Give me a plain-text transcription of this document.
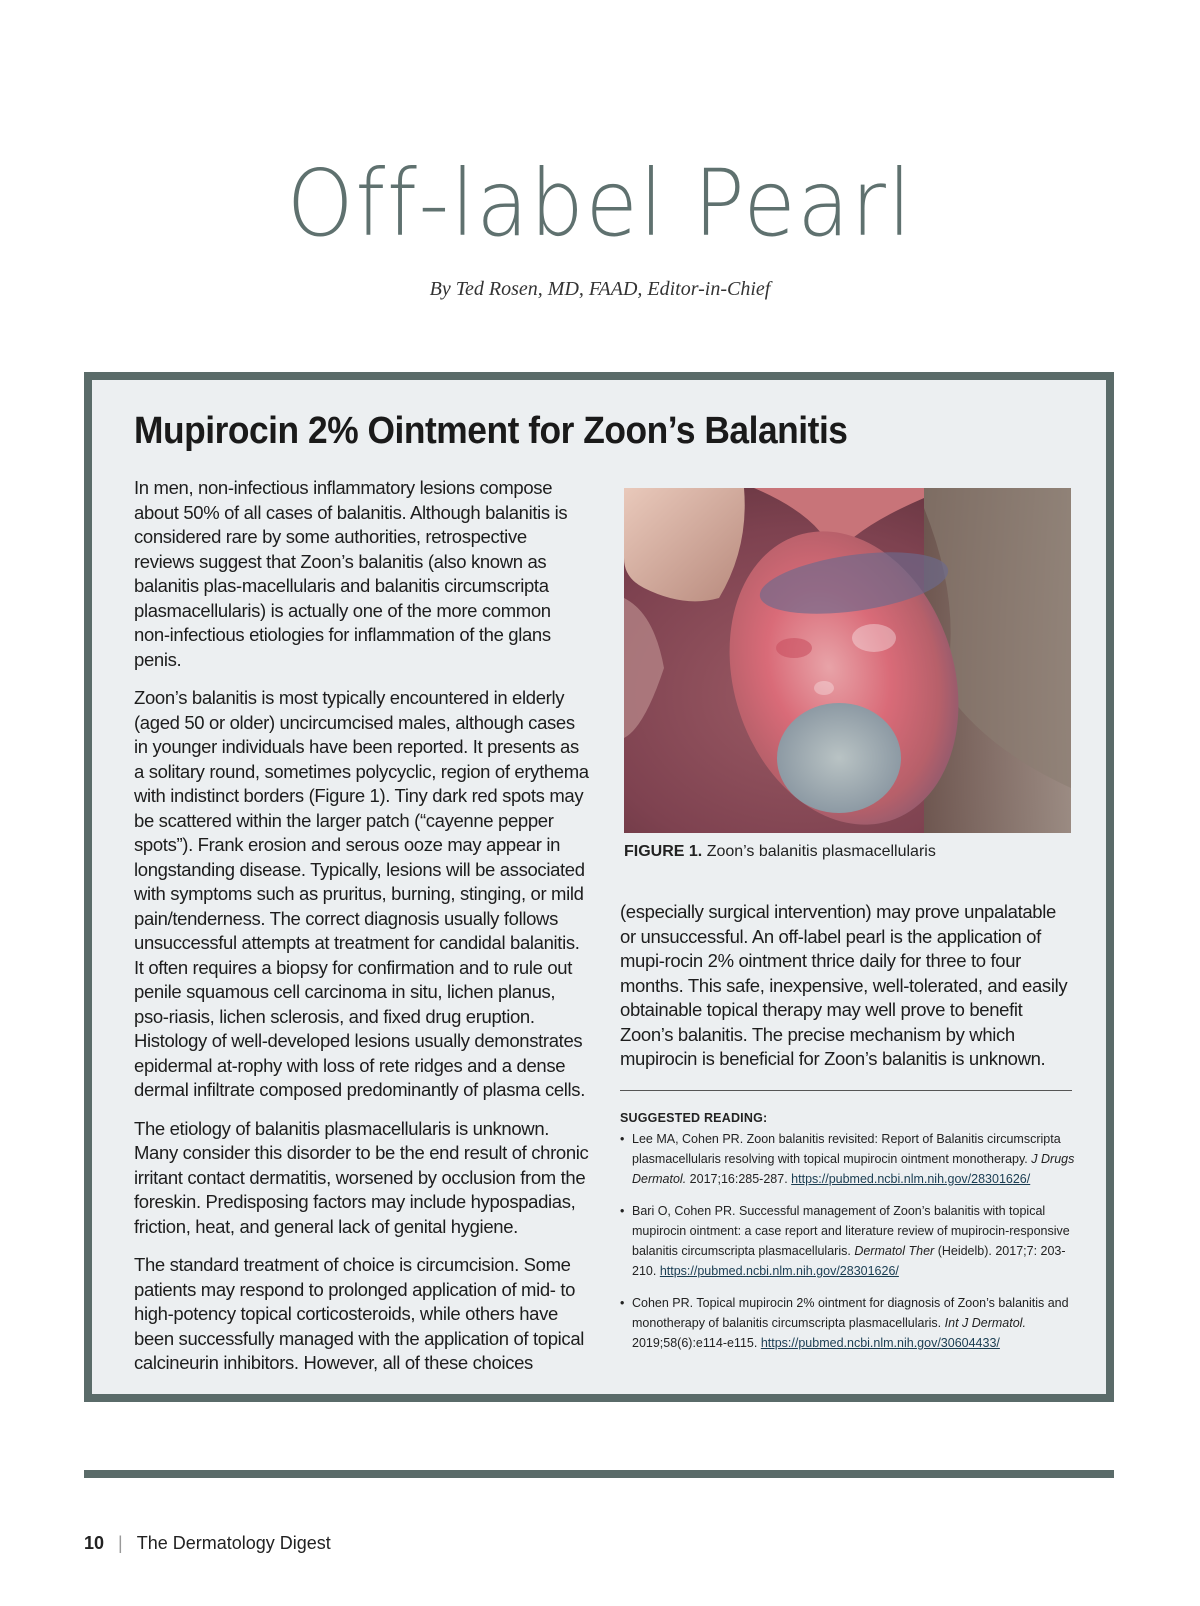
Off-label Pearl
By Ted Rosen, MD, FAAD, Editor-in-Chief
Mupirocin 2% Ointment for Zoon’s Balanitis

In men, non-infectious inflammatory lesions compose about 50% of all cases of balanitis. Although balanitis is considered rare by some authorities, retrospective reviews suggest that Zoon’s balanitis (also known as balanitis plas-macellularis and balanitis circumscripta plasmacellularis) is actually one of the more common non-infectious etiologies for inflammation of the glans penis.

Zoon’s balanitis is most typically encountered in elderly (aged 50 or older) uncircumcised males, although cases in younger individuals have been reported. It presents as a solitary round, sometimes polycyclic, region of erythema with indistinct borders (Figure 1). Tiny dark red spots may be scattered within the larger patch (“cayenne pepper spots”). Frank erosion and serous ooze may appear in longstanding disease. Typically, lesions will be associated with symptoms such as pruritus, burning, stinging, or mild pain/tenderness. The correct diagnosis usually follows unsuccessful attempts at treatment for candidal balanitis. It often requires a biopsy for confirmation and to rule out penile squamous cell carcinoma in situ, lichen planus, pso-riasis, lichen sclerosis, and fixed drug eruption. Histology of well-developed lesions usually demonstrates epidermal at-rophy with loss of rete ridges and a dense dermal infiltrate composed predominantly of plasma cells.

The etiology of balanitis plasmacellularis is unknown. Many consider this disorder to be the end result of chronic irritant contact dermatitis, worsened by occlusion from the foreskin. Predisposing factors may include hypospadias, friction, heat, and general lack of genital hygiene.

The standard treatment of choice is circumcision. Some patients may respond to prolonged application of mid- to high-potency topical corticosteroids, while others have been successfully managed with the application of topical calcineurin inhibitors. However, all of these choices

FIGURE 1. Zoon’s balanitis plasmacellularis

(especially surgical intervention) may prove unpalatable or unsuccessful. An off-label pearl is the application of mupi-rocin 2% ointment thrice daily for three to four months. This safe, inexpensive, well-tolerated, and easily obtainable topical therapy may well prove to benefit Zoon’s balanitis. The precise mechanism by which mupirocin is beneficial for Zoon’s balanitis is unknown.

SUGGESTED READING:
• Lee MA, Cohen PR. Zoon balanitis revisited: Report of Balanitis circumscripta plasmacellularis resolving with topical mupirocin ointment monotherapy. J Drugs Dermatol. 2017;16:285-287. https://pubmed.ncbi.nlm.nih.gov/28301626/
• Bari O, Cohen PR. Successful management of Zoon’s balanitis with topical mupirocin ointment: a case report and literature review of mupirocin-responsive balanitis circumscripta plasmacellularis. Dermatol Ther (Heidelb). 2017;7: 203-210. https://pubmed.ncbi.nlm.nih.gov/28301626/
• Cohen PR. Topical mupirocin 2% ointment for diagnosis of Zoon’s balanitis and monotherapy of balanitis circumscripta plasmacellularis. Int J Dermatol. 2019;58(6):e114-e115. https://pubmed.ncbi.nlm.nih.gov/30604433/
10 | The Dermatology Digest
